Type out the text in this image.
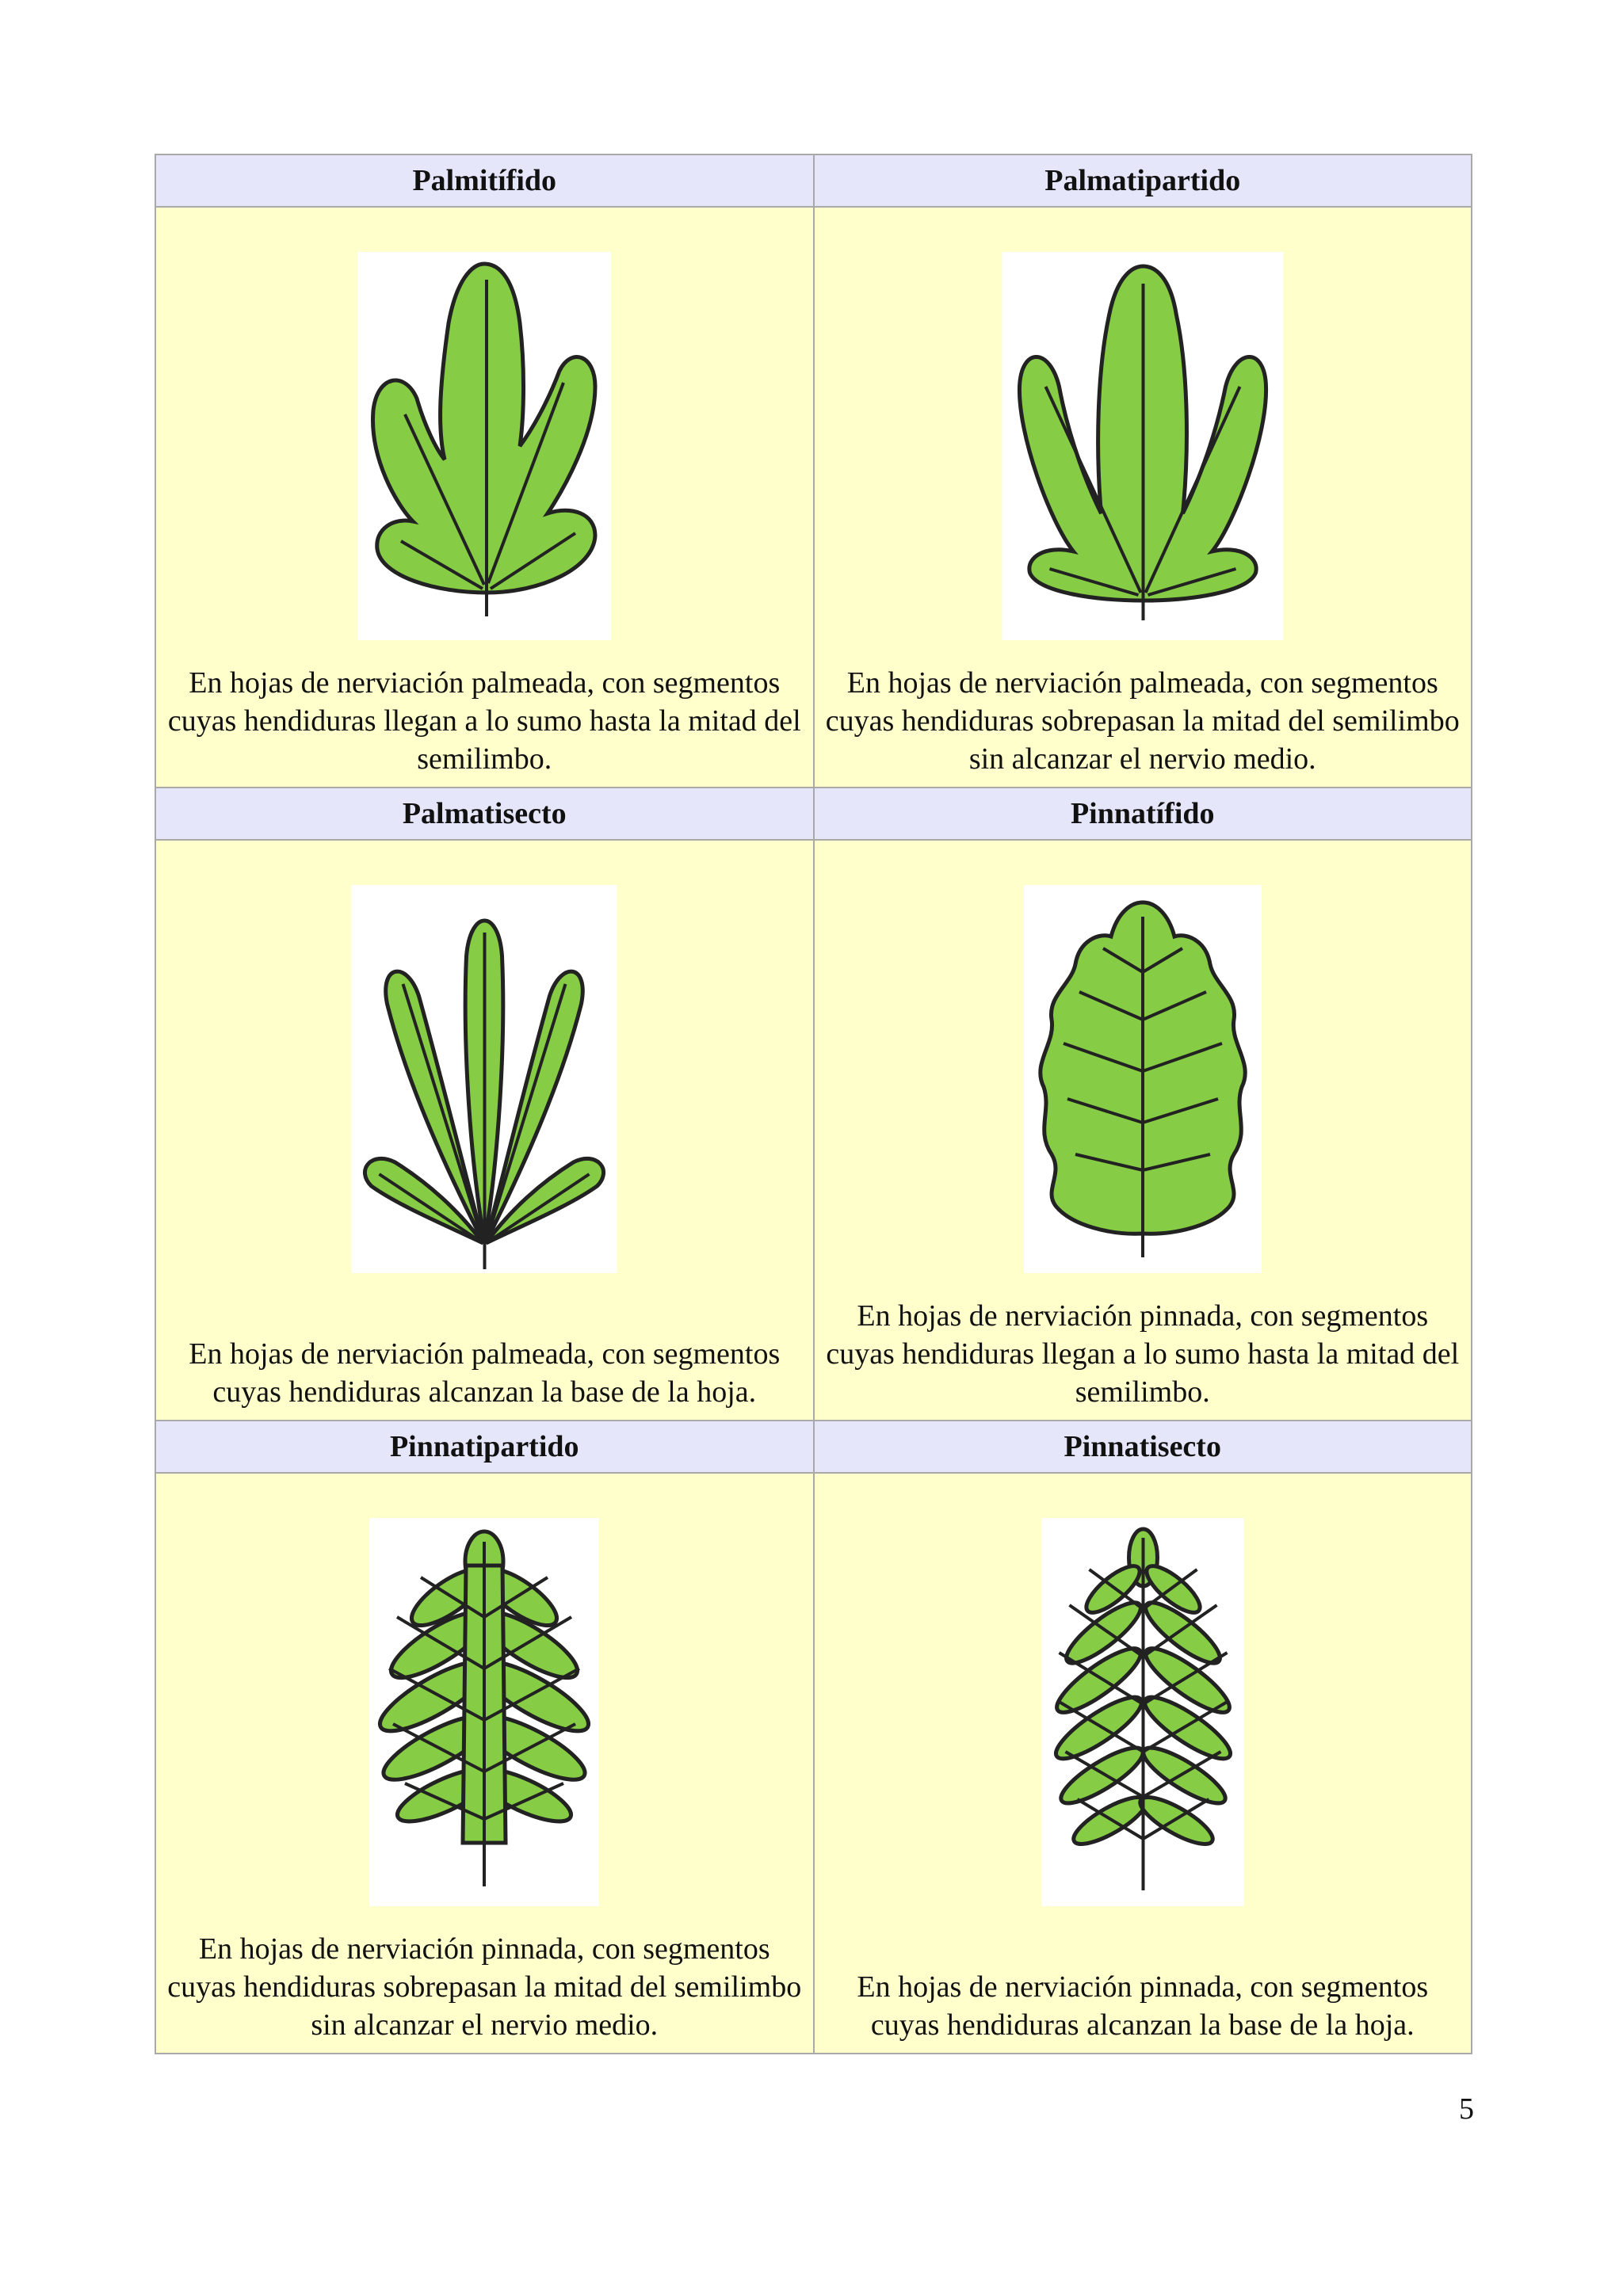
Palmitífido	Palmatipartido

En hojas de nerviación palmeada, con segmentos cuyas hendiduras llegan a lo sumo hasta la mitad del semilimbo.	En hojas de nerviación palmeada, con segmentos cuyas hendiduras sobrepasan la mitad del semilimbo sin alcanzar el nervio medio.

Palmatisecto	Pinnatífido

En hojas de nerviación palmeada, con segmentos cuyas hendiduras alcanzan la base de la hoja.	En hojas de nerviación pinnada, con segmentos cuyas hendiduras llegan a lo sumo hasta la mitad del semilimbo.

Pinnatipartido	Pinnatisecto

En hojas de nerviación pinnada, con segmentos cuyas hendiduras sobrepasan la mitad del semilimbo sin alcanzar el nervio medio.	En hojas de nerviación pinnada, con segmentos cuyas hendiduras alcanzan la base de la hoja.
5
